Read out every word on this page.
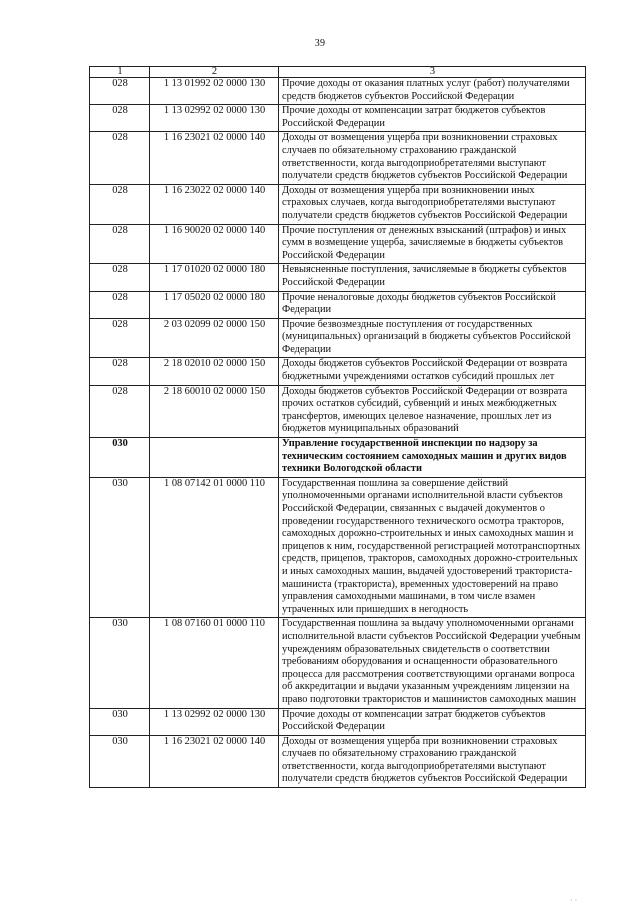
39
1	2	3
028	1 13 01992 02 0000 130	Прочие доходы от оказания платных услуг (работ) получателями средств бюджетов субъектов Российской Федерации
028	1 13 02992 02 0000 130	Прочие доходы от компенсации затрат бюджетов субъектов Российской Федерации
028	1 16 23021 02 0000 140	Доходы от возмещения ущерба при возникновении страховых случаев по обязательному страхованию гражданской ответственности, когда выгодоприобретателями выступают получатели средств бюджетов субъектов Российской Федерации
028	1 16 23022 02 0000 140	Доходы от возмещения ущерба при возникновении иных страховых случаев, когда выгодоприобретателями выступают получатели средств бюджетов субъектов Российской Федерации
028	1 16 90020 02 0000 140	Прочие поступления от денежных взысканий (штрафов) и иных сумм в возмещение ущерба, зачисляемые в бюджеты субъектов Российской Федерации
028	1 17 01020 02 0000 180	Невыясненные поступления, зачисляемые в бюджеты субъектов Российской Федерации
028	1 17 05020 02 0000 180	Прочие неналоговые доходы бюджетов субъектов Российской Федерации
028	2 03 02099 02 0000 150	Прочие безвозмездные поступления от государственных (муниципальных) организаций в бюджеты субъектов Российской Федерации
028	2 18 02010 02 0000 150	Доходы бюджетов субъектов Российской Федерации от возврата бюджетными учреждениями остатков субсидий прошлых лет
028	2 18 60010 02 0000 150	Доходы бюджетов субъектов Российской Федерации от возврата прочих остатков субсидий, субвенций и иных межбюджетных трансфертов, имеющих целевое назначение, прошлых лет из бюджетов муниципальных образований
030		Управление государственной инспекции по надзору за техническим состоянием самоходных машин и других видов техники Вологодской области
030	1 08 07142 01 0000 110	Государственная пошлина за совершение действий уполномоченными органами исполнительной власти субъектов Российской Федерации, связанных с выдачей документов о проведении государственного технического осмотра тракторов, самоходных дорожно-строительных и иных самоходных машин и прицепов к ним, государственной регистрацией мототранспортных средств, прицепов, тракторов, самоходных дорожно-строительных и иных самоходных машин, выдачей удостоверений тракториста-машиниста (тракториста), временных удостоверений на право управления самоходными машинами, в том числе взамен утраченных или пришедших в негодность
030	1 08 07160 01 0000 110	Государственная пошлина за выдачу уполномоченными органами исполнительной власти субъектов Российской Федерации учебным учреждениям образовательных свидетельств о соответствии требованиям оборудования и оснащенности образовательного процесса для рассмотрения соответствующими органами вопроса об аккредитации и выдачи указанным учреждениям лицензии на право подготовки трактористов и машинистов самоходных машин
030	1 13 02992 02 0000 130	Прочие доходы от компенсации затрат бюджетов субъектов Российской Федерации
030	1 16 23021 02 0000 140	Доходы от возмещения ущерба при возникновении страховых случаев по обязательному страхованию гражданской ответственности, когда выгодоприобретателями выступают получатели средств бюджетов субъектов Российской Федерации
· ·
